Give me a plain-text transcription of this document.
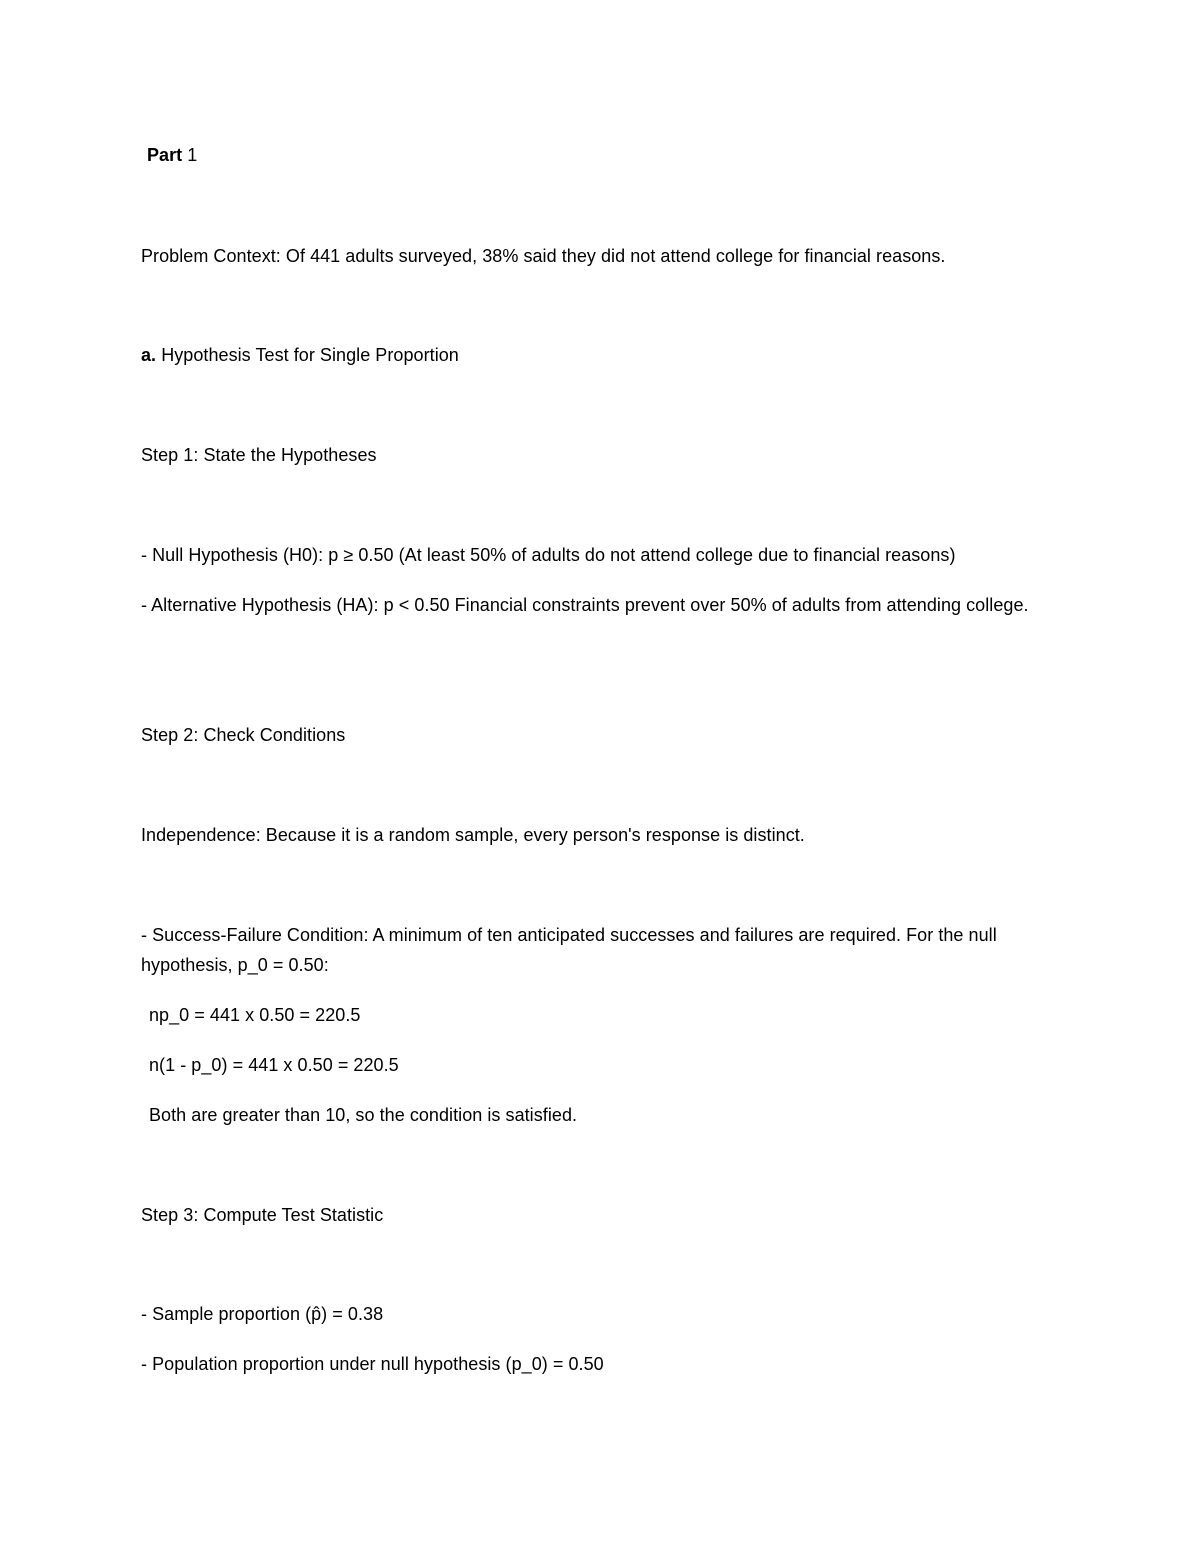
Part 1
Problem Context: Of 441 adults surveyed, 38% said they did not attend college for financial reasons.
a. Hypothesis Test for Single Proportion
Step 1: State the Hypotheses
- Null Hypothesis (H0): p ≥ 0.50 (At least 50% of adults do not attend college due to financial reasons)
- Alternative Hypothesis (HA): p < 0.50 Financial constraints prevent over 50% of adults from attending college.
Step 2: Check Conditions
Independence: Because it is a random sample, every person's response is distinct.
- Success-Failure Condition: A minimum of ten anticipated successes and failures are required. For the null hypothesis, p_0 = 0.50:
np_0 = 441 x 0.50 = 220.5
n(1 - p_0) = 441 x 0.50 = 220.5
Both are greater than 10, so the condition is satisfied.
Step 3: Compute Test Statistic
- Sample proportion (p̂) = 0.38
- Population proportion under null hypothesis (p_0) = 0.50
